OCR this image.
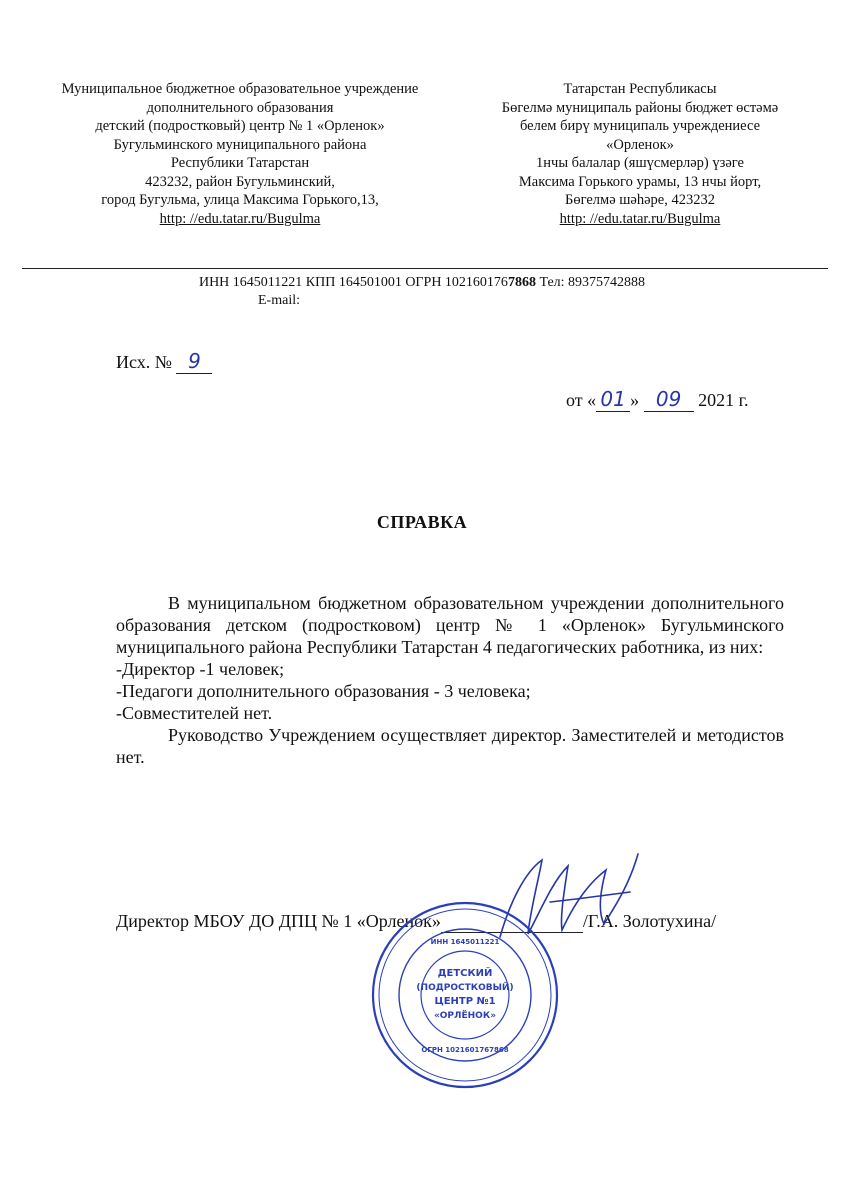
Муниципальное бюджетное образовательное учреждение
дополнительного образования
детский (подростковый) центр № 1 «Орленок»
Бугульминского муниципального района
Республики Татарстан
423232, район Бугульминский,
город Бугульма, улица Максима Горького,13,
http: //edu.tatar.ru/Bugulma
Татарстан Республикасы
Бөгелмә муниципаль районы бюджет өстәмә
белем бирү муниципаль учреждениесе
«Орленок»
1нчы балалар (яшүсмерләр) үзәге
Максима Горького урамы, 13 нчы йорт,
Бөгелмә шәһәре, 423232
http: //edu.tatar.ru/Bugulma
ИНН 1645011221 КПП 164501001 ОГРН 1021601767868 Тел: 89375742888
E-mail:
Исх. № 9
от « 01 » 09 2021 г.
СПРАВКА
В муниципальном бюджетном образовательном учреждении дополнительного образования детском (подростковом) центр № 1 «Орленок» Бугульминского муниципального района Республики Татарстан 4 педагогических работника, из них:
-Директор -1 человек;
-Педагоги дополнительного образования - 3 человека;
-Совместителей нет.
Руководство Учреждением осуществляет директор. Заместителей и методистов нет.
Директор МБОУ ДО ДПЦ № 1 «Орленок»	/Г.А. Золотухина/
ДЕТСКИЙ
(ПОДРОСТКОВЫЙ)
ЦЕНТР №1
«ОРЛЁНОК»
ИНН 1645011221
ОГРН 1021601767868
